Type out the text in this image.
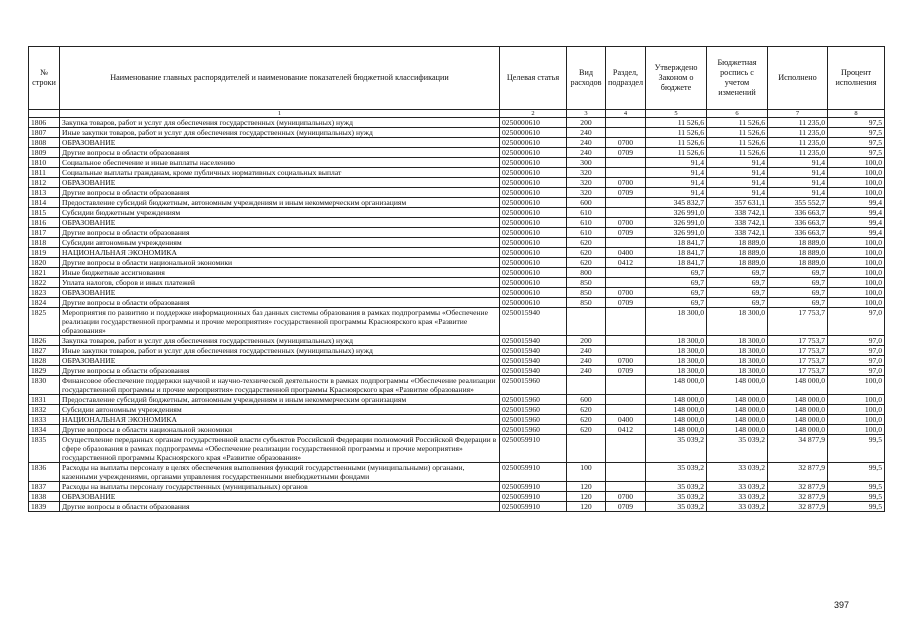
№ строки	Наименование главных распорядителей и наименование показателей бюджетной классификации	Целевая статья	Вид расходов	Раздел, подраздел	Утверждено Законом о бюджете	Бюджетная роспись с учетом изменений	Исполнено	Процент исполнения
	1	2	3	4	5	6	7	8
1806	Закупка товаров, работ и услуг для обеспечения государственных (муниципальных) нужд	0250000610	200		11 526,6	11 526,6	11 235,0	97,5
1807	Иные закупки товаров, работ и услуг для обеспечения государственных (муниципальных) нужд	0250000610	240		11 526,6	11 526,6	11 235,0	97,5
1808	ОБРАЗОВАНИЕ	0250000610	240	0700	11 526,6	11 526,6	11 235,0	97,5
1809	Другие вопросы в области образования	0250000610	240	0709	11 526,6	11 526,6	11 235,0	97,5
1810	Социальное обеспечение и иные выплаты населению	0250000610	300		91,4	91,4	91,4	100,0
1811	Социальные выплаты гражданам, кроме публичных нормативных социальных выплат	0250000610	320		91,4	91,4	91,4	100,0
1812	ОБРАЗОВАНИЕ	0250000610	320	0700	91,4	91,4	91,4	100,0
1813	Другие вопросы в области образования	0250000610	320	0709	91,4	91,4	91,4	100,0
1814	Предоставление субсидий бюджетным, автономным учреждениям и иным некоммерческим организациям	0250000610	600		345 832,7	357 631,1	355 552,7	99,4
1815	Субсидии бюджетным учреждениям	0250000610	610		326 991,0	338 742,1	336 663,7	99,4
1816	ОБРАЗОВАНИЕ	0250000610	610	0700	326 991,0	338 742,1	336 663,7	99,4
1817	Другие вопросы в области образования	0250000610	610	0709	326 991,0	338 742,1	336 663,7	99,4
1818	Субсидии автономным учреждениям	0250000610	620		18 841,7	18 889,0	18 889,0	100,0
1819	НАЦИОНАЛЬНАЯ ЭКОНОМИКА	0250000610	620	0400	18 841,7	18 889,0	18 889,0	100,0
1820	Другие вопросы в области национальной экономики	0250000610	620	0412	18 841,7	18 889,0	18 889,0	100,0
1821	Иные бюджетные ассигнования	0250000610	800		69,7	69,7	69,7	100,0
1822	Уплата налогов, сборов и иных платежей	0250000610	850		69,7	69,7	69,7	100,0
1823	ОБРАЗОВАНИЕ	0250000610	850	0700	69,7	69,7	69,7	100,0
1824	Другие вопросы в области образования	0250000610	850	0709	69,7	69,7	69,7	100,0
1825	Мероприятия по развитию и поддержке информационных баз данных системы образования в рамках подпрограммы «Обеспечение реализации государственной программы и прочие мероприятия» государственной программы Красноярского края «Развитие образования»	0250015940			18 300,0	18 300,0	17 753,7	97,0
1826	Закупка товаров, работ и услуг для обеспечения государственных (муниципальных) нужд	0250015940	200		18 300,0	18 300,0	17 753,7	97,0
1827	Иные закупки товаров, работ и услуг для обеспечения государственных (муниципальных) нужд	0250015940	240		18 300,0	18 300,0	17 753,7	97,0
1828	ОБРАЗОВАНИЕ	0250015940	240	0700	18 300,0	18 300,0	17 753,7	97,0
1829	Другие вопросы в области образования	0250015940	240	0709	18 300,0	18 300,0	17 753,7	97,0
1830	Финансовое обеспечение поддержки научной и научно-технической деятельности в рамках подпрограммы «Обеспечение реализации государственной программы и прочие мероприятия» государственной программы Красноярского края «Развитие образования»	0250015960			148 000,0	148 000,0	148 000,0	100,0
1831	Предоставление субсидий бюджетным, автономным учреждениям и иным некоммерческим организациям	0250015960	600		148 000,0	148 000,0	148 000,0	100,0
1832	Субсидии автономным учреждениям	0250015960	620		148 000,0	148 000,0	148 000,0	100,0
1833	НАЦИОНАЛЬНАЯ ЭКОНОМИКА	0250015960	620	0400	148 000,0	148 000,0	148 000,0	100,0
1834	Другие вопросы в области национальной экономики	0250015960	620	0412	148 000,0	148 000,0	148 000,0	100,0
1835	Осуществление переданных органам государственной власти субъектов Российской Федерации полномочий Российской Федерации в сфере образования в рамках подпрограммы «Обеспечение реализации государственной программы и прочие мероприятия» государственной программы Красноярского края «Развитие образования»	0250059910			35 039,2	35 039,2	34 877,9	99,5
1836	Расходы на выплаты персоналу в целях обеспечения выполнения функций государственными (муниципальными) органами, казенными учреждениями, органами управления государственными внебюджетными фондами	0250059910	100		35 039,2	33 039,2	32 877,9	99,5
1837	Расходы на выплаты персоналу государственных (муниципальных) органов	0250059910	120		35 039,2	33 039,2	32 877,9	99,5
1838	ОБРАЗОВАНИЕ	0250059910	120	0700	35 039,2	33 039,2	32 877,9	99,5
1839	Другие вопросы в области образования	0250059910	120	0709	35 039,2	33 039,2	32 877,9	99,5
397
